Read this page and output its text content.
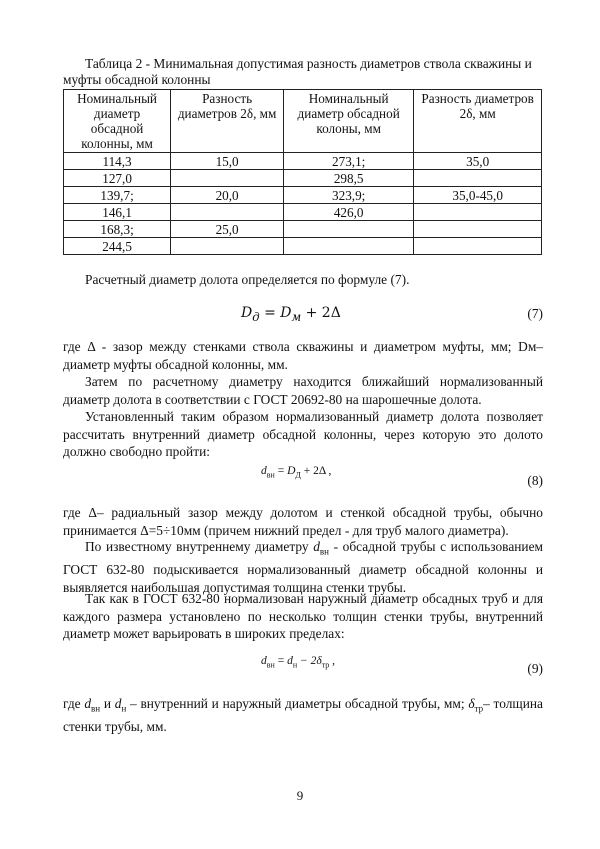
Таблица 2 - Минимальная допустимая разность диаметров ствола скважины и муфты обсадной колонны
Номинальный диаметр обсадной колонны, мм	Разность диаметров 2δ, мм	Номинальный диаметр обсадной колоны, мм	Разность диаметров 2δ, мм
114,3	15,0	273,1;	35,0
127,0		298,5	
139,7;	20,0	323,9;	35,0-45,0
146,1		426,0	
168,3;	25,0		
244,5			

Расчетный диаметр долота определяется по формуле (7).

$D_д = D_м + 2\Delta$	(7)

где Δ - зазор между стенками ствола скважины и диаметром муфты, мм; Dм– диаметр муфты обсадной колонны, мм.

Затем по расчетному диаметру находится ближайший нормализованный диаметр долота в соответствии с ГОСТ 20692-80 на шарошечные долота.

Установленный таким образом нормализованный диаметр долота позволяет рассчитать внутренний диаметр обсадной колонны, через которую это долото должно свободно пройти:

$d_{вн} = D_Д + 2\Delta$ ,
(8)

где Δ– радиальный зазор между долотом и стенкой обсадной трубы, обычно принимается Δ=5÷10мм (причем нижний предел - для труб малого диаметра).

По известному внутреннему диаметру $d_{вн}$ - обсадной трубы с использованием ГОСТ 632-80 подыскивается нормализованный диаметр обсадной колонны и выявляется наибольшая допустимая толщина стенки трубы.

Так как в ГОСТ 632-80 нормализован наружный диаметр обсадных труб и для каждого размера установлено по несколько толщин стенки трубы, внутренний диаметр может варьировать в широких пределах:

$d_{вн} = d_н - 2\delta_{тр}$ ,	(9)

где $d_{вн}$ и $d_н$ – внутренний и наружный диаметры обсадной трубы, мм; $\delta_{тр}-$ толщина стенки трубы, мм.

9
